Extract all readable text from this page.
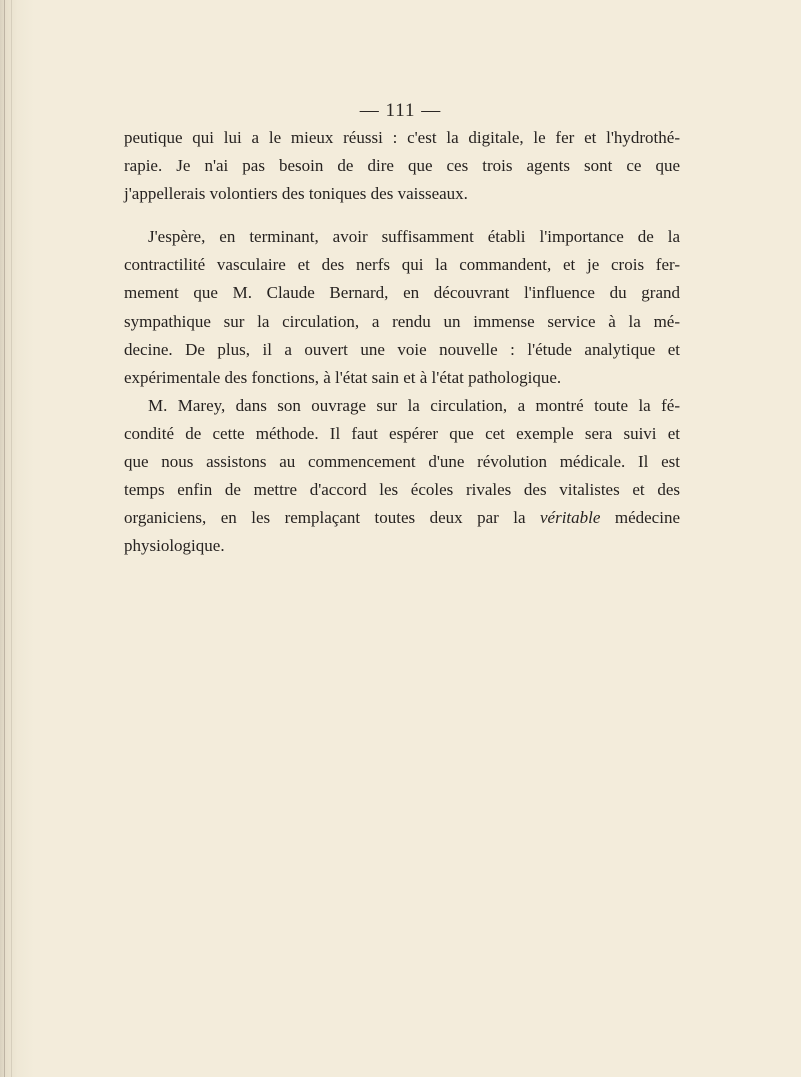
— 111 —
peutique qui lui a le mieux réussi : c'est la digitale, le fer et l'hydrothé-
rapie. Je n'ai pas besoin de dire que ces trois agents sont ce que
j'appellerais volontiers des toniques des vaisseaux.
J'espère, en terminant, avoir suffisamment établi l'importance de la
contractilité vasculaire et des nerfs qui la commandent, et je crois fer-
mement que M. Claude Bernard, en découvrant l'influence du grand
sympathique sur la circulation, a rendu un immense service à la mé-
decine. De plus, il a ouvert une voie nouvelle : l'étude analytique et
expérimentale des fonctions, à l'état sain et à l'état pathologique.
M. Marey, dans son ouvrage sur la circulation, a montré toute la fé-
condité de cette méthode. Il faut espérer que cet exemple sera suivi et
que nous assistons au commencement d'une révolution médicale. Il est
temps enfin de mettre d'accord les écoles rivales des vitalistes et des
organiciens, en les remplaçant toutes deux par la véritable médecine
physiologique.
